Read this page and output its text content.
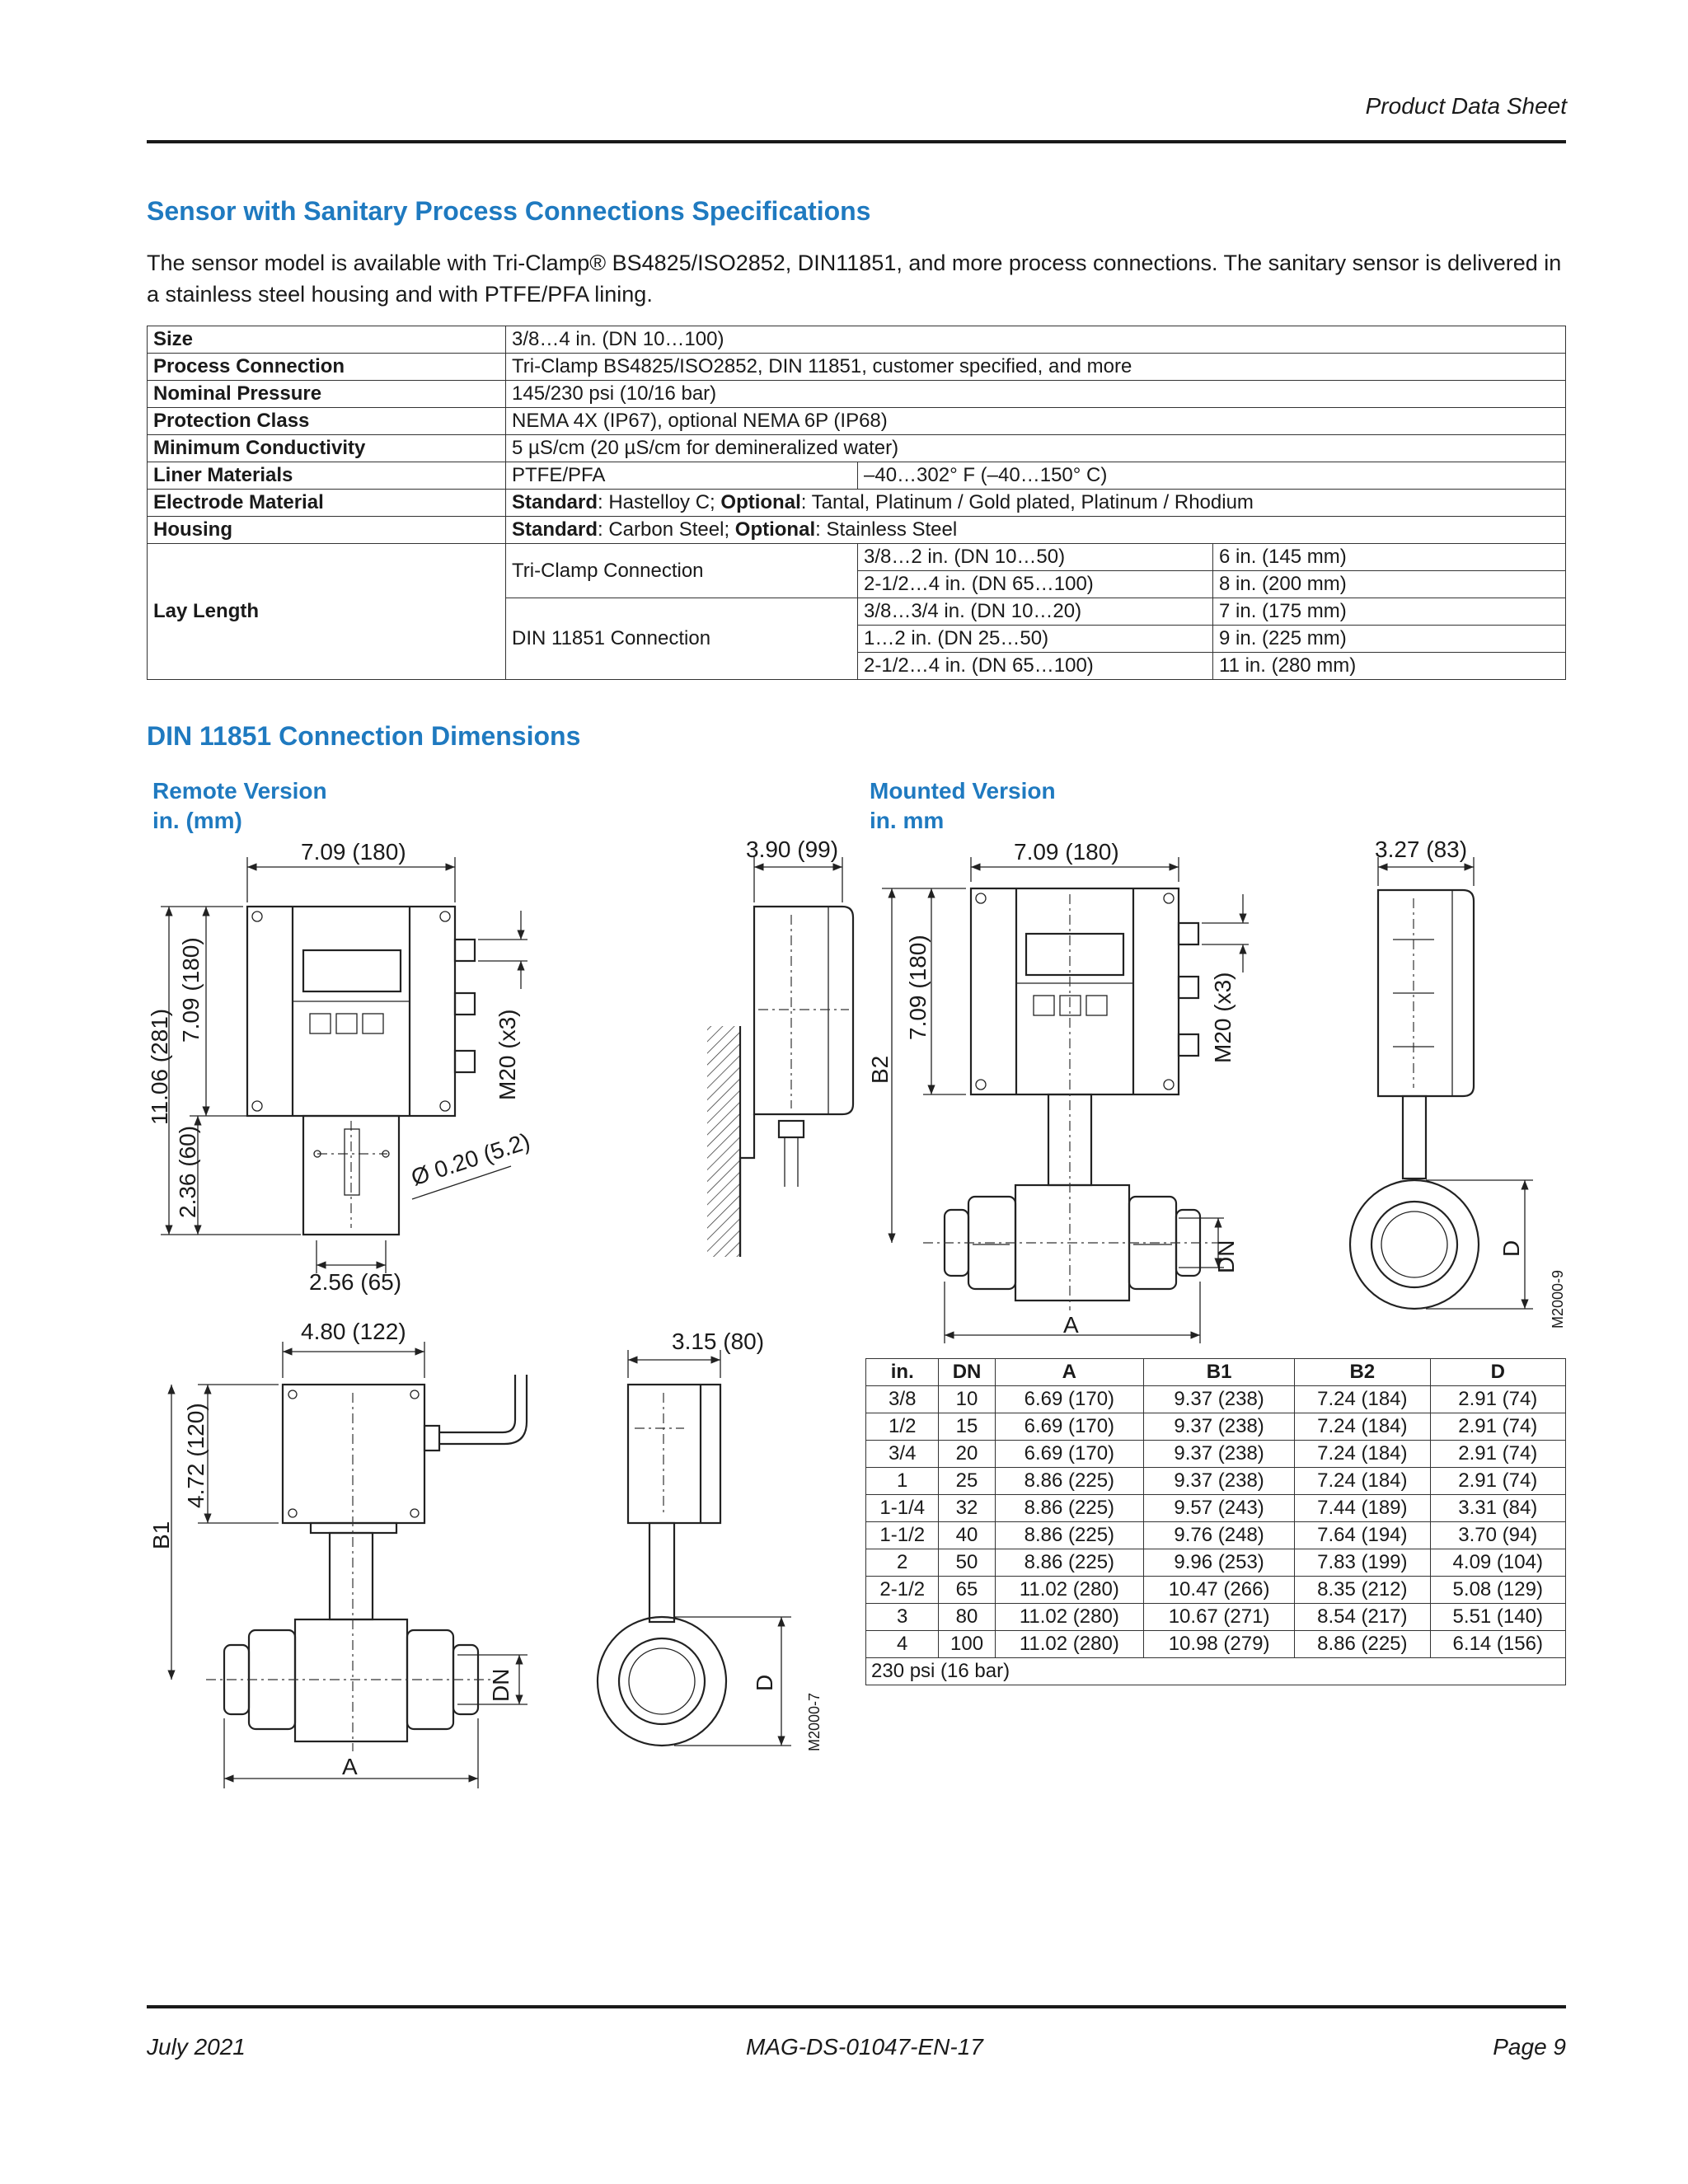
Product Data Sheet
Sensor with Sanitary Process Connections Specifications
The sensor model is available with Tri-Clamp® BS4825/ISO2852, DIN11851, and more process connections. The sanitary sensor is delivered in a stainless steel housing and with PTFE/PFA lining.
Size	3/8…4 in. (DN 10…100)		
Process Connection	Tri-Clamp BS4825/ISO2852, DIN 11851, customer specified, and more		
Nominal Pressure	145/230 psi (10/16 bar)		
Protection Class	NEMA 4X (IP67), optional NEMA 6P (IP68)		
Minimum Conductivity	5 µS/cm (20 µS/cm for demineralized water)		
Liner Materials	PTFE/PFA	–40…302° F (–40…150° C)	
Electrode Material	Standard: Hastelloy C; Optional: Tantal, Platinum / Gold plated, Platinum / Rhodium		
Housing	Standard: Carbon Steel; Optional: Stainless Steel		
Lay Length	Tri-Clamp Connection	3/8…2 in. (DN 10…50)	6 in. (145 mm)
		2-1/2…4 in. (DN 65…100)	8 in. (200 mm)
	DIN 11851 Connection	3/8…3/4 in. (DN 10…20)	7 in. (175 mm)
		1…2 in. (DN 25…50)	9 in. (225 mm)
		2-1/2…4 in. (DN 65…100)	11 in. (280 mm)
DIN 11851 Connection Dimensions
Remote Version
in. (mm)
Mounted Version
in. mm
7.09 (180)	3.90 (99)
2.56 (65)
Ø 0.20 (5.2)
7.09 (180)	3.27 (83)
A
4.80 (122)	3.15 (80)
A
11.06 (281)
7.09 (180)
2.36 (60)
M20 (x3)	B2
7.09 (180)	M20 (x3)
DN	D
M2000-9
4.72 (120)
B1
DN	D
M2000-7
in.	DN	A	B1	B2	D
3/8	10	6.69 (170)	9.37 (238)	7.24 (184)	2.91 (74)
1/2	15	6.69 (170)	9.37 (238)	7.24 (184)	2.91 (74)
3/4	20	6.69 (170)	9.37 (238)	7.24 (184)	2.91 (74)
1	25	8.86 (225)	9.37 (238)	7.24 (184)	2.91 (74)
1-1/4	32	8.86 (225)	9.57 (243)	7.44 (189)	3.31 (84)
1-1/2	40	8.86 (225)	9.76 (248)	7.64 (194)	3.70 (94)
2	50	8.86 (225)	9.96 (253)	7.83 (199)	4.09 (104)
2-1/2	65	11.02 (280)	10.47 (266)	8.35 (212)	5.08 (129)
3	80	11.02 (280)	10.67 (271)	8.54 (217)	5.51 (140)
4	100	11.02 (280)	10.98 (279)	8.86 (225)	6.14 (156)
230 psi (16 bar)					
July 2021	MAG-DS-01047-EN-17	Page 9
